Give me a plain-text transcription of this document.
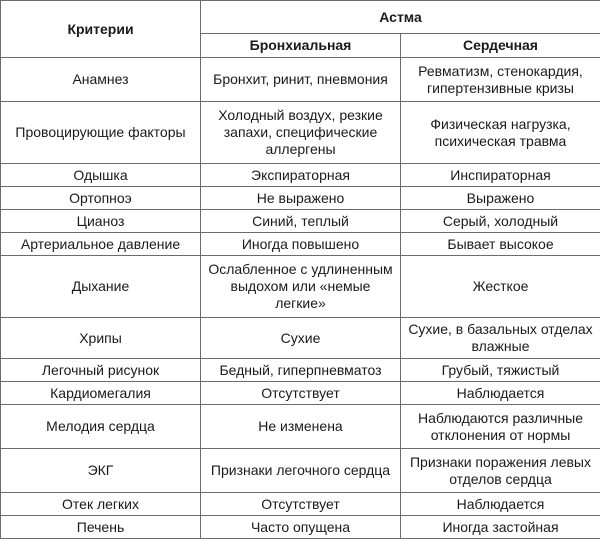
Критерии	Астма	
	Бронхиальная	Сердечная
Анамнез	Бронхит, ринит, пневмония	Ревматизм, стенокардия, гипертензивные кризы
Провоцирующие факторы	Холодный воздух, резкие запахи, специфические аллергены	Физическая нагрузка, психическая травма
Одышка	Экспираторная	Инспираторная
Ортопноэ	Не выражено	Выражено
Цианоз	Синий, теплый	Серый, холодный
Артериальное давление	Иногда повышено	Бывает высокое
Дыхание	Ослабленное с удлиненным выдохом или «немые легкие»	Жесткое
Хрипы	Сухие	Сухие, в базальных отделах влажные
Легочный рисунок	Бедный, гиперпневматоз	Грубый, тяжистый
Кардиомегалия	Отсутствует	Наблюдается
Мелодия сердца	Не изменена	Наблюдаются различные отклонения от нормы
ЭКГ	Признаки легочного сердца	Признаки поражения левых отделов сердца
Отек легких	Отсутствует	Наблюдается
Печень	Часто опущена	Иногда застойная
